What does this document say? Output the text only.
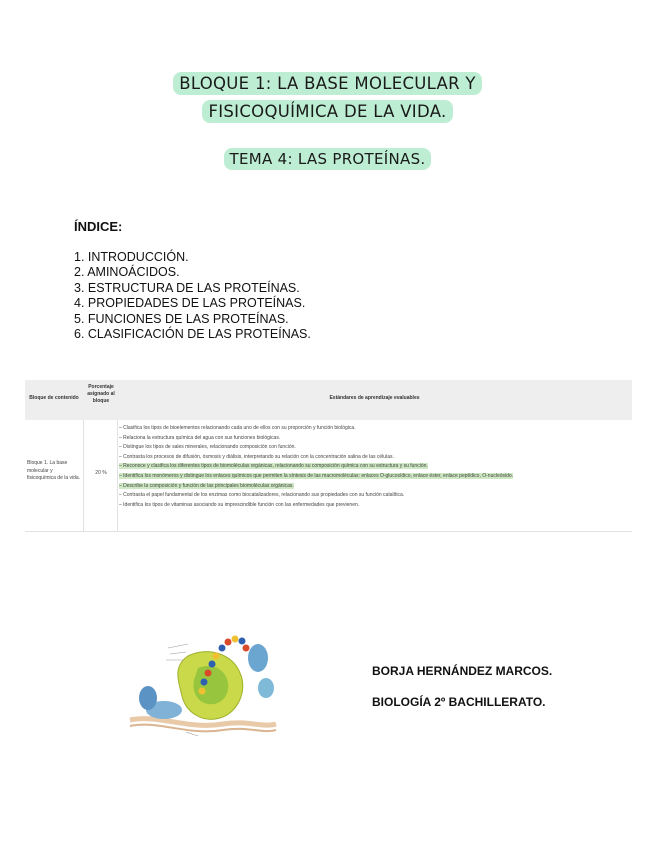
BLOQUE 1: LA BASE MOLECULAR Y
FISICOQUÍMICA DE LA VIDA.
TEMA 4: LAS PROTEÍNAS.
ÍNDICE:
1. INTRODUCCIÓN.
2. AMINOÁCIDOS.
3. ESTRUCTURA DE LAS PROTEÍNAS.
4. PROPIEDADES DE LAS PROTEÍNAS.
5. FUNCIONES DE LAS PROTEÍNAS.
6. CLASIFICACIÓN DE LAS PROTEÍNAS.
Bloque de contenido
Porcentaje asignado al bloque	Estándares de aprendizaje evaluables
Bloque 1. La base molecular y fisicoquímica de la vida.
20 %
– Clasifica los tipos de bioelementos relacionando cada uno de ellos con su proporción y función biológica.
– Relaciona la estructura química del agua con sus funciones biológicas.
– Distingue los tipos de sales minerales, relacionando composición con función.
– Contrasta los procesos de difusión, ósmosis y diálisis, interpretando su relación con la concentración salina de las células.
– Reconoce y clasifica los diferentes tipos de biomoléculas orgánicas, relacionando su composición química con su estructura y su función.
– Identifica los monómeros y distingue los enlaces químicos que permiten la síntesis de las macromoléculas: enlaces O-glucosídico, enlace éster, enlace peptídico, O-nucleósido.
– Describe la composición y función de las principales biomoléculas orgánicas.
– Contrasta el papel fundamental de los enzimas como biocatalizadores, relacionando sus propiedades con su función catalítica.
– Identifica los tipos de vitaminas asociando su imprescindible función con las enfermedades que previenen.
BORJA HERNÁNDEZ MARCOS.
BIOLOGÍA 2º BACHILLERATO.
